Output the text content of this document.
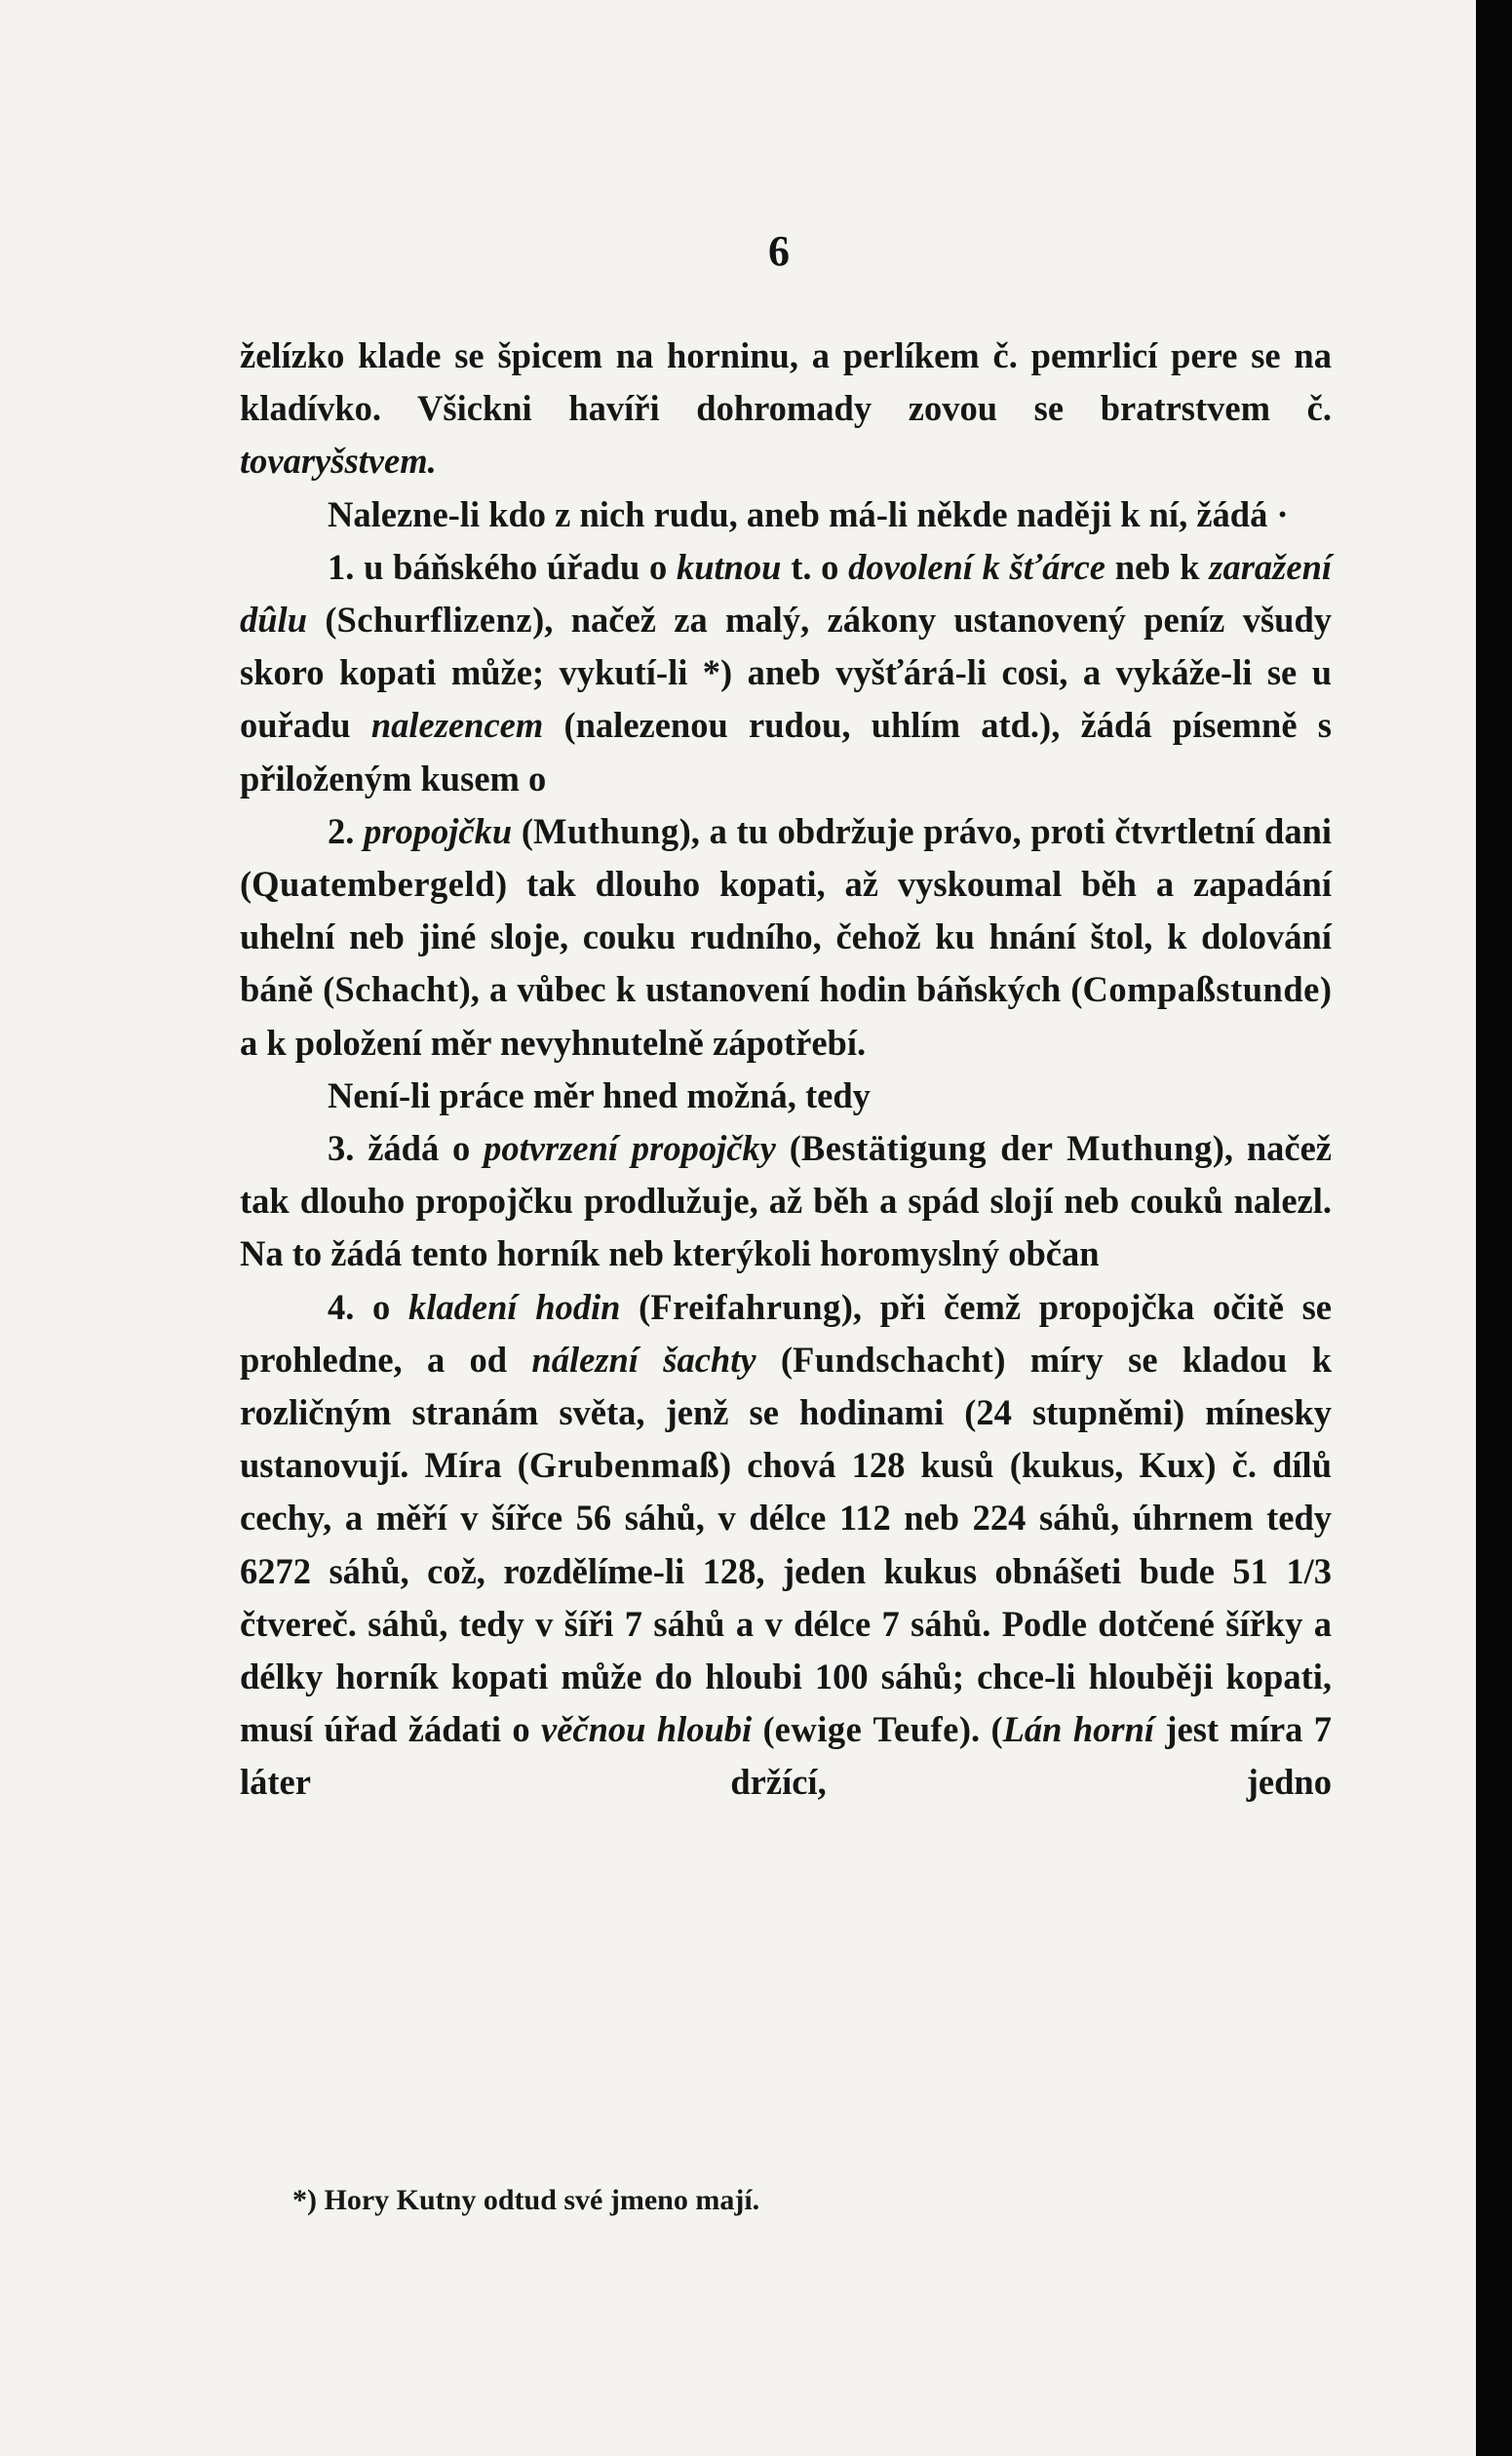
6

želízko klade se špicem na horninu, a perlíkem č. pemrlicí pere se na kladívko. Všickni havíři dohromady zovou se bratrstvem č. tovaryšstvem.

Nalezne-li kdo z nich rudu, aneb má-li někde naději k ní, žádá ·

1. u báňského úřadu o kutnou t. o dovolení k šťárce neb k zaražení dûlu (Schurflizenz), načež za malý, zákony ustanovený peníz všudy skoro kopati může; vykutí-li *) aneb vyšťárá-li cosi, a vykáže-li se u ouřadu nalezencem (nalezenou rudou, uhlím atd.), žádá písemně s přiloženým kusem o

2. propojčku (Muthung), a tu obdržuje právo, proti čtvrtletní dani (Quatembergeld) tak dlouho kopati, až vyskoumal běh a zapadání uhelní neb jiné sloje, couku rudního, čehož ku hnání štol, k dolování báně (Schacht), a vůbec k ustanovení hodin báňských (Compaßstunde) a k položení měr nevyhnutelně zápotřebí.

Není-li práce měr hned možná, tedy

3. žádá o potvrzení propojčky (Bestätigung der Muthung), načež tak dlouho propojčku prodlužuje, až běh a spád slojí neb couků nalezl. Na to žádá tento horník neb kterýkoli horomyslný občan

4. o kladení hodin (Freifahrung), při čemž propojčka očitě se prohledne, a od nálezní šachty (Fundschacht) míry se kladou k rozličným stranám světa, jenž se hodinami (24 stupněmi) mínesky ustanovují. Míra (Grubenmaß) chová 128 kusů (kukus, Kux) č. dílů cechy, a měří v šířce 56 sáhů, v délce 112 neb 224 sáhů, úhrnem tedy 6272 sáhů, což, rozdělíme-li 128, jeden kukus obnášeti bude 51 1/3 čtvereč. sáhů, tedy v šíři 7 sáhů a v délce 7 sáhů. Podle dotčené šířky a délky horník kopati může do hloubi 100 sáhů; chce-li hlouběji kopati, musí úřad žádati o věčnou hloubi (ewige Teufe). (Lán horní jest míra 7 láter držící, jedno

*) Hory Kutny odtud své jmeno mají.
